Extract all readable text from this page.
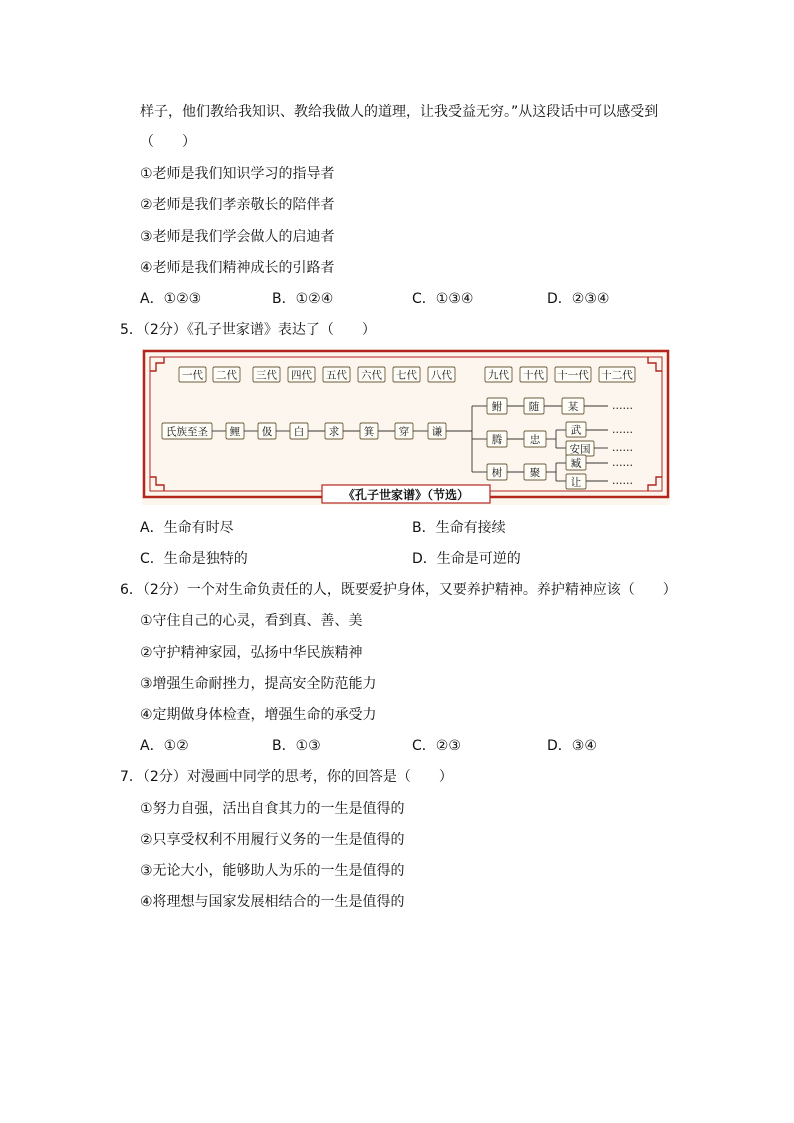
样子，他们教给我知识、教给我做人的道理，让我受益无穷。”从这段话中可以感受到
（　　）
①老师是我们知识学习的指导者
②老师是我们孝亲敬长的陪伴者
③老师是我们学会做人的启迪者
④老师是我们精神成长的引路者
A．①②③	B．①②④	C．①③④	D．②③④
5．（2分）《孔子世家谱》表达了（　　）
一代 二代 三代 四代 五代 六代 七代 八代	九代 十代 十一代 十二代
氏族至圣 鲤 伋 白 求 箕 穿 谦
鲋	随	某	……
腾	忠
武
安国
……
……
树	聚
臧
让
……
……
《孔子世家谱》（节选）
A．生命有时尽	B．生命有接续
C．生命是独特的	D．生命是可逆的
6．（2分）一个对生命负责任的人，既要爱护身体，又要养护精神。养护精神应该（　　）
①守住自己的心灵，看到真、善、美
②守护精神家园，弘扬中华民族精神
③增强生命耐挫力，提高安全防范能力
④定期做身体检查，增强生命的承受力
A．①②	B．①③	C．②③	D．③④
7．（2分）对漫画中同学的思考，你的回答是（　　）
①努力自强，活出自食其力的一生是值得的
②只享受权利不用履行义务的一生是值得的
③无论大小，能够助人为乐的一生是值得的
④将理想与国家发展相结合的一生是值得的
